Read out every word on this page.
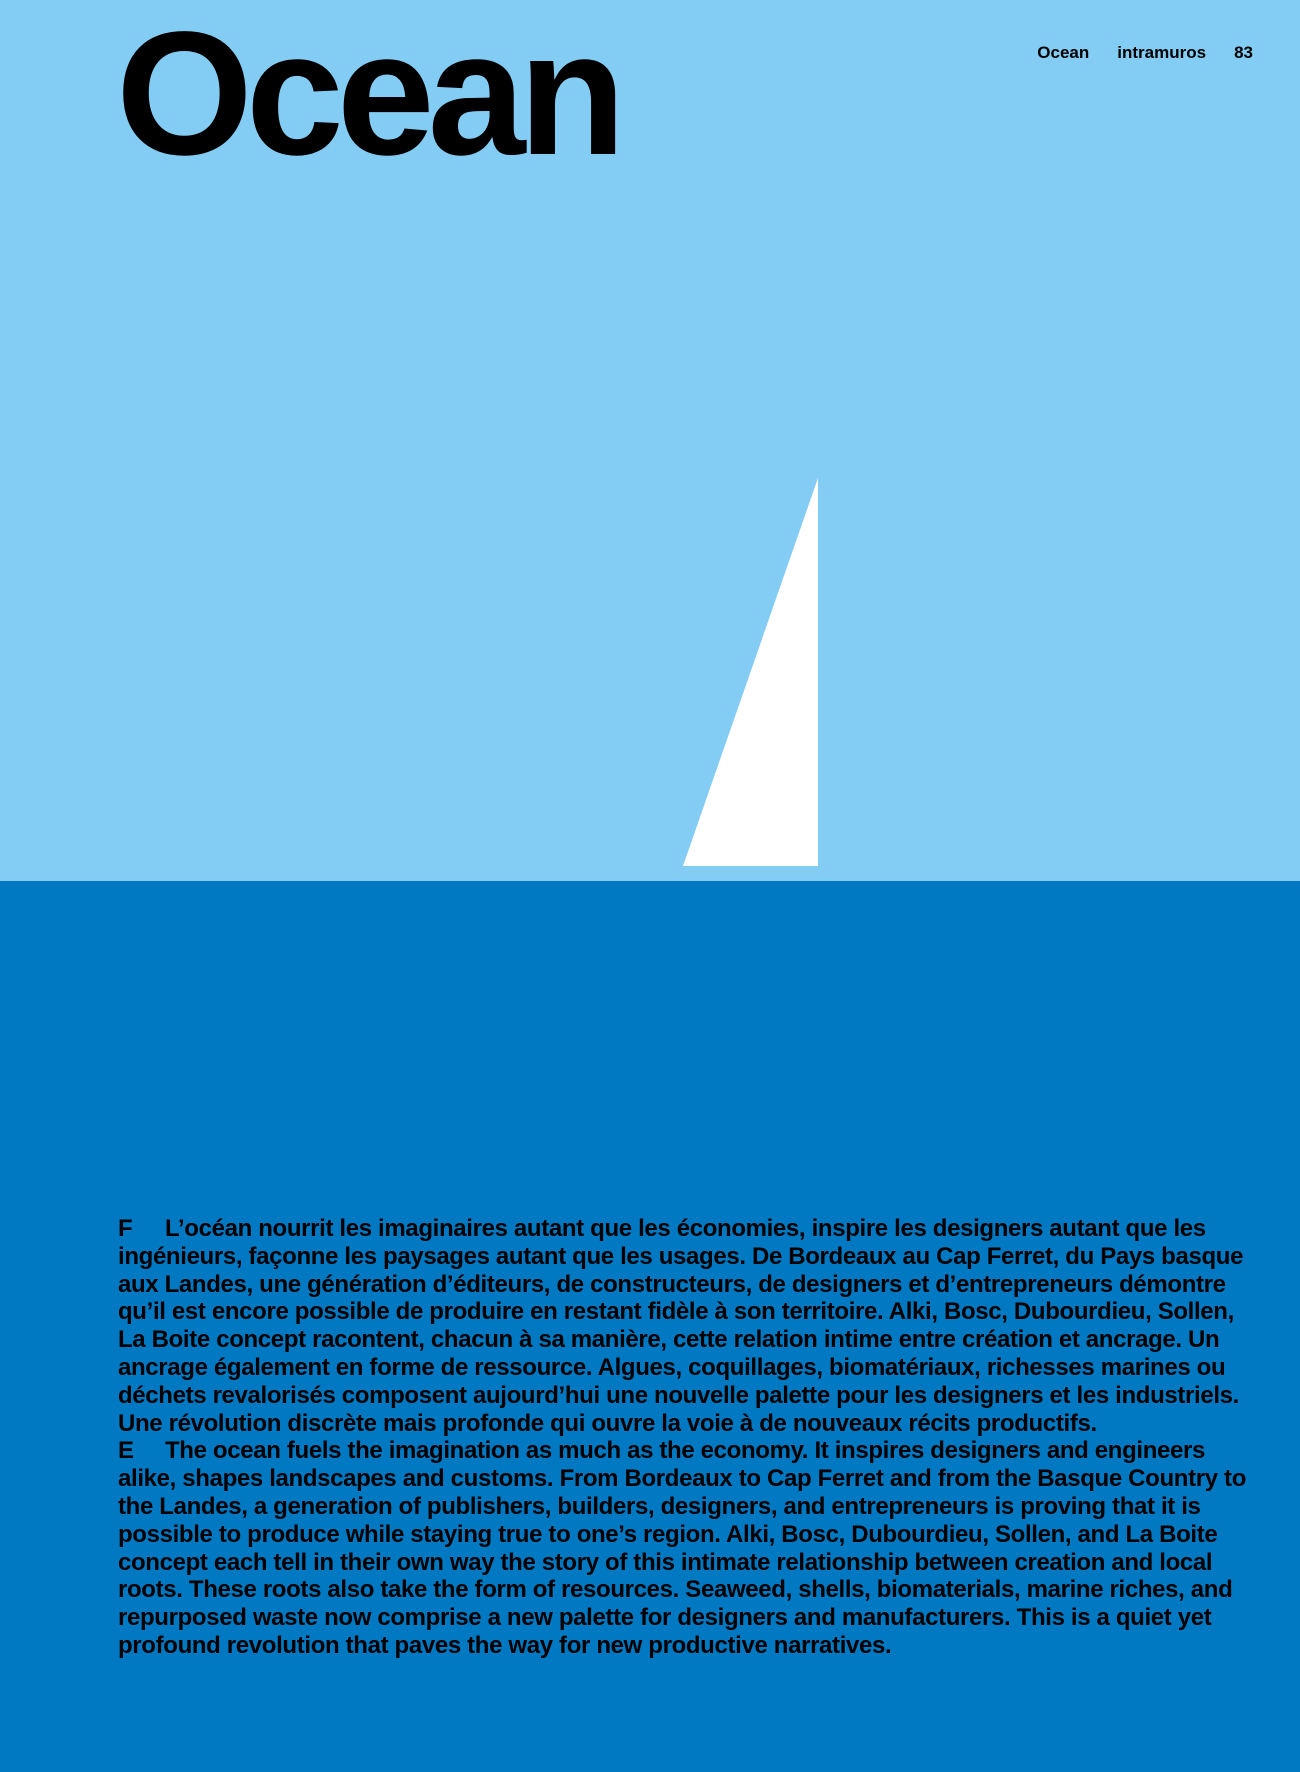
Ocean	Ocean intramuros 83

F L’océan nourrit les imaginaires autant que les économies, inspire les designers autant que les ingénieurs, façonne les paysages autant que les usages. De Bordeaux au Cap Ferret, du Pays basque aux Landes, une génération d’éditeurs, de constructeurs, de designers et d’entrepreneurs démontre qu’il est encore possible de produire en restant fidèle à son territoire. Alki, Bosc, Dubourdieu, Sollen, La Boite concept racontent, chacun à sa manière, cette relation intime entre création et ancrage. Un ancrage également en forme de ressource. Algues, coquillages, biomatériaux, richesses marines ou déchets revalorisés composent aujourd’hui une nouvelle palette pour les designers et les industriels. Une révolution discrète mais profonde qui ouvre la voie à de nouveaux récits productifs.

E The ocean fuels the imagination as much as the economy. It inspires designers and engineers alike, shapes landscapes and customs. From Bordeaux to Cap Ferret and from the Basque Country to the Landes, a generation of publishers, builders, designers, and entrepreneurs is proving that it is possible to produce while staying true to one’s region. Alki, Bosc, Dubourdieu, Sollen, and La Boite concept each tell in their own way the story of this intimate relationship between creation and local roots. These roots also take the form of resources. Seaweed, shells, biomaterials, marine riches, and repurposed waste now comprise a new palette for designers and manufacturers. This is a quiet yet profound revolution that paves the way for new productive narratives.
